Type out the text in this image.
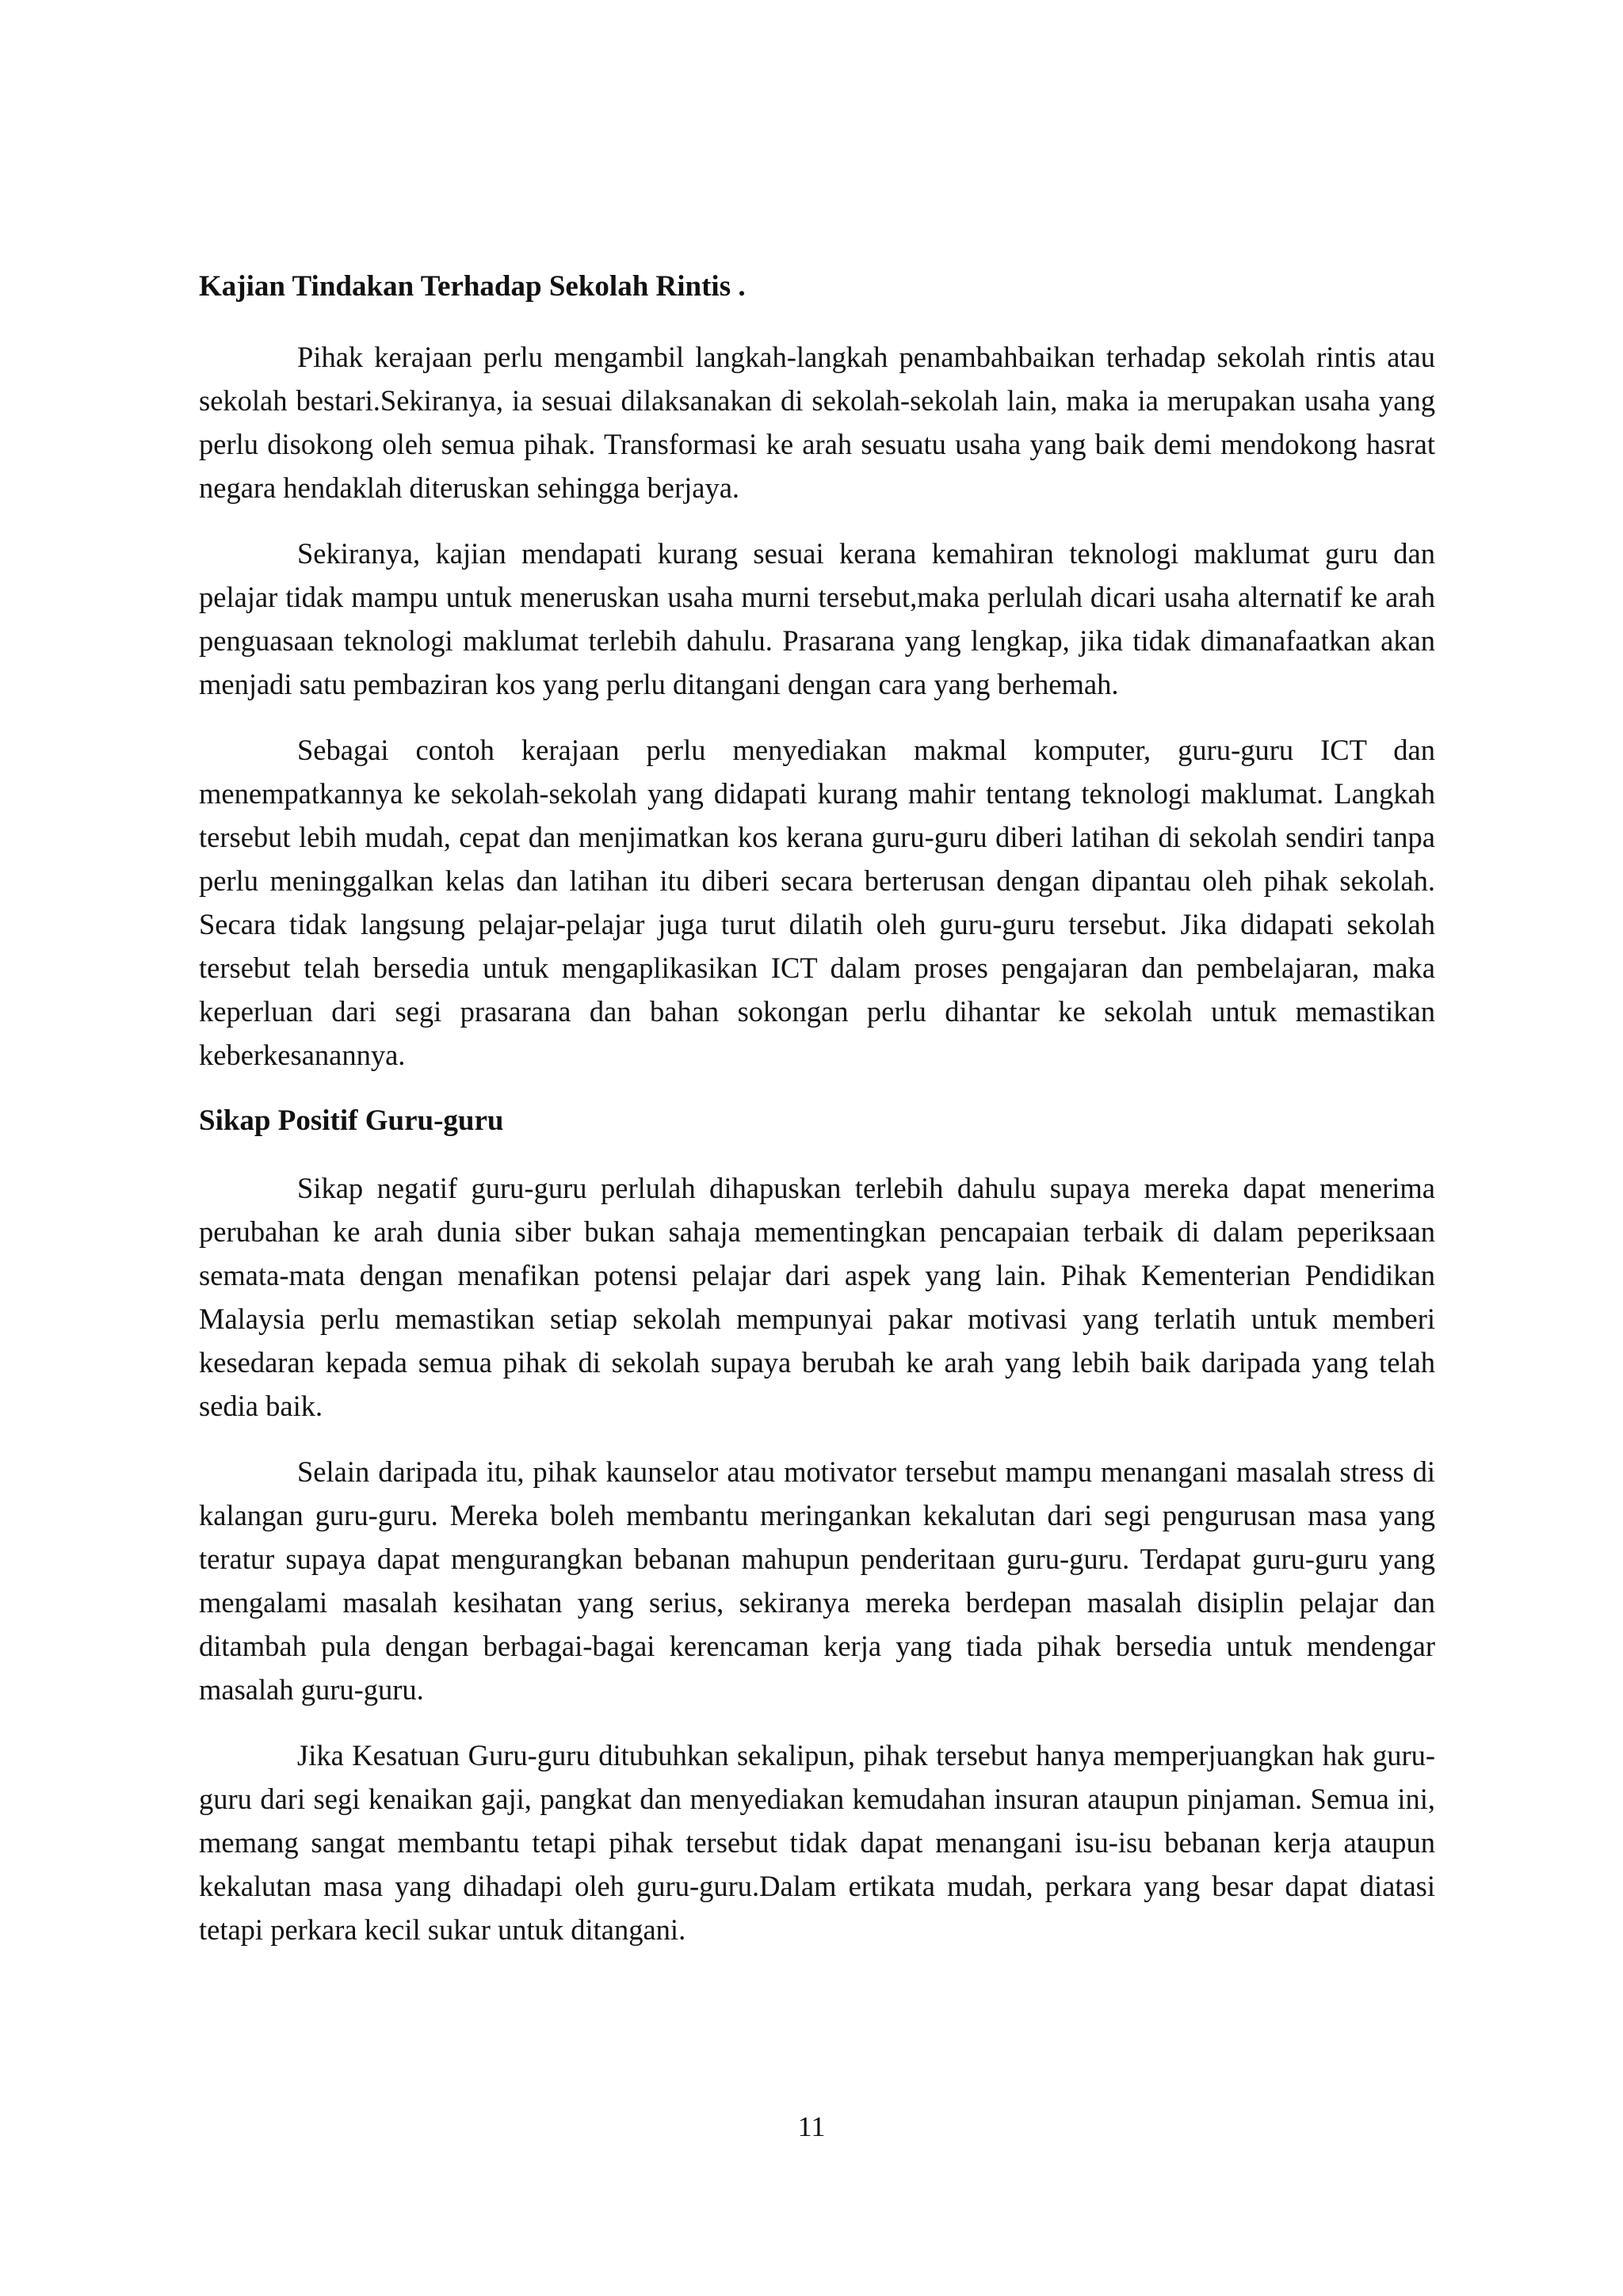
Kajian Tindakan Terhadap Sekolah Rintis .

Pihak kerajaan perlu mengambil langkah-langkah penambahbaikan terhadap sekolah rintis atau sekolah bestari.Sekiranya, ia sesuai dilaksanakan di sekolah-sekolah lain, maka ia merupakan usaha yang perlu disokong oleh semua pihak. Transformasi ke arah sesuatu usaha yang baik demi mendokong hasrat negara hendaklah diteruskan sehingga berjaya.

Sekiranya, kajian mendapati kurang sesuai kerana kemahiran teknologi maklumat guru dan pelajar tidak mampu untuk meneruskan usaha murni tersebut,maka perlulah dicari usaha alternatif ke arah penguasaan teknologi maklumat terlebih dahulu. Prasarana yang lengkap, jika tidak dimanafaatkan akan menjadi satu pembaziran kos yang perlu ditangani dengan cara yang berhemah.

Sebagai contoh kerajaan perlu menyediakan makmal komputer, guru-guru ICT dan menempatkannya ke sekolah-sekolah yang didapati kurang mahir tentang teknologi maklumat. Langkah tersebut lebih mudah, cepat dan menjimatkan kos kerana guru-guru diberi latihan di sekolah sendiri tanpa perlu meninggalkan kelas dan latihan itu diberi secara berterusan dengan dipantau oleh pihak sekolah. Secara tidak langsung pelajar-pelajar juga turut dilatih oleh guru-guru tersebut. Jika didapati sekolah tersebut telah bersedia untuk mengaplikasikan ICT dalam proses pengajaran dan pembelajaran, maka keperluan dari segi prasarana dan bahan sokongan perlu dihantar ke sekolah untuk memastikan keberkesanannya.

Sikap Positif Guru-guru

Sikap negatif guru-guru perlulah dihapuskan terlebih dahulu supaya mereka dapat menerima perubahan ke arah dunia siber bukan sahaja mementingkan pencapaian terbaik di dalam peperiksaan semata-mata dengan menafikan potensi pelajar dari aspek yang lain. Pihak Kementerian Pendidikan Malaysia perlu memastikan setiap sekolah mempunyai pakar motivasi yang terlatih untuk memberi kesedaran kepada semua pihak di sekolah supaya berubah ke arah yang lebih baik daripada yang telah sedia baik.

Selain daripada itu, pihak kaunselor atau motivator tersebut mampu menangani masalah stress di kalangan guru-guru. Mereka boleh membantu meringankan kekalutan dari segi pengurusan masa yang teratur supaya dapat mengurangkan bebanan mahupun penderitaan guru-guru. Terdapat guru-guru yang mengalami masalah kesihatan yang serius, sekiranya mereka berdepan masalah disiplin pelajar dan ditambah pula dengan berbagai-bagai kerencaman kerja yang tiada pihak bersedia untuk mendengar masalah guru-guru.

Jika Kesatuan Guru-guru ditubuhkan sekalipun, pihak tersebut hanya memperjuangkan hak guru-guru dari segi kenaikan gaji, pangkat dan menyediakan kemudahan insuran ataupun pinjaman. Semua ini, memang sangat membantu tetapi pihak tersebut tidak dapat menangani isu-isu bebanan kerja ataupun kekalutan masa yang dihadapi oleh guru-guru.Dalam ertikata mudah, perkara yang besar dapat diatasi tetapi perkara kecil sukar untuk ditangani.

11
